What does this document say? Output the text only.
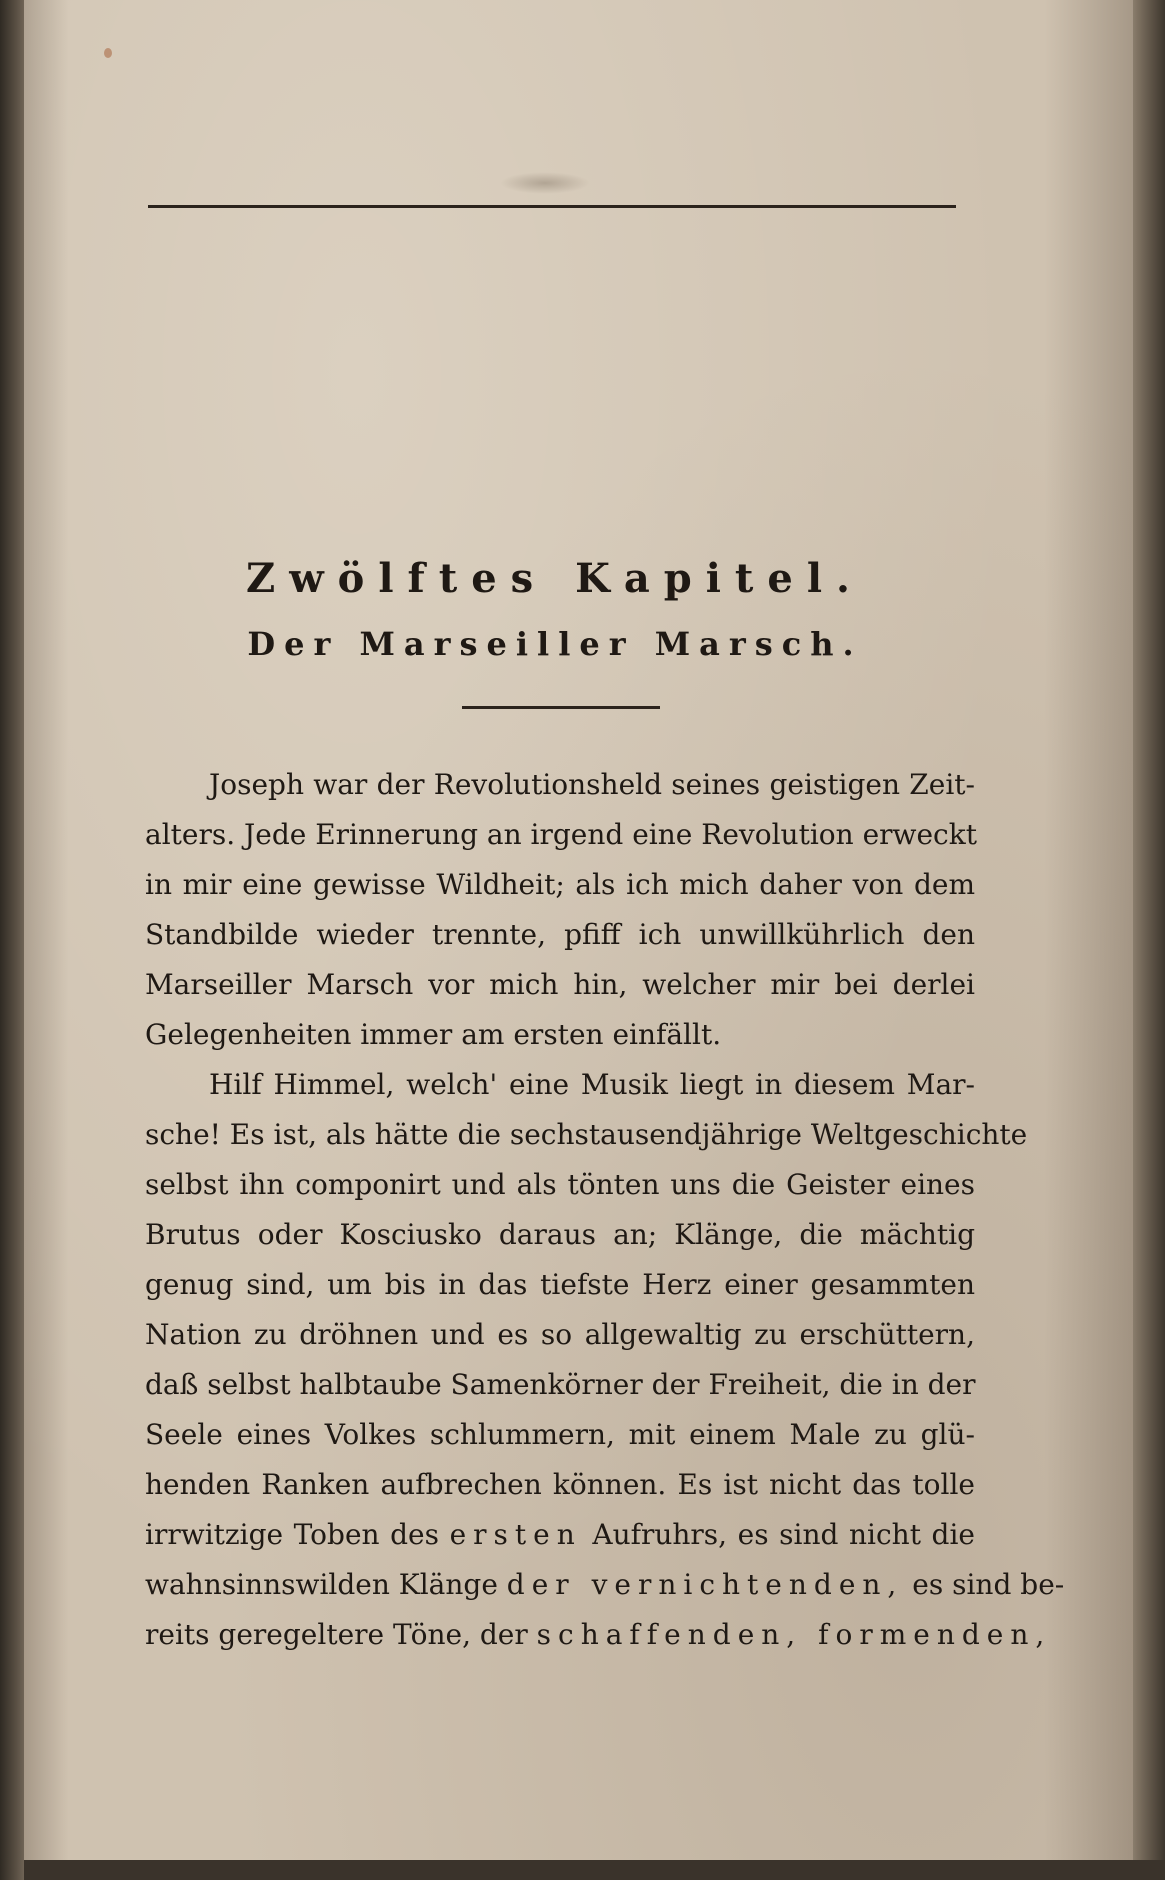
Zwölftes Kapitel.
Der Marseiller Marsch.
Joseph war der Revolutionsheld seines geistigen Zeit-
alters. Jede Erinnerung an irgend eine Revolution erweckt
in mir eine gewisse Wildheit; als ich mich daher von dem
Standbilde wieder trennte, pfiff ich unwillkührlich den
Marseiller Marsch vor mich hin, welcher mir bei derlei
Gelegenheiten immer am ersten einfällt.
Hilf Himmel, welch' eine Musik liegt in diesem Mar-
sche! Es ist, als hätte die sechstausendjährige Weltgeschichte
selbst ihn componirt und als tönten uns die Geister eines
Brutus oder Kosciusko daraus an; Klänge, die mächtig
genug sind, um bis in das tiefste Herz einer gesammten
Nation zu dröhnen und es so allgewaltig zu erschüttern,
daß selbst halbtaube Samenkörner der Freiheit, die in der
Seele eines Volkes schlummern, mit einem Male zu glü-
henden Ranken aufbrechen können. Es ist nicht das tolle
irrwitzige Toben des ersten Aufruhrs, es sind nicht die
wahnsinnswilden Klänge der vernichtenden, es sind be-
reits geregeltere Töne, der schaffenden, formenden,
